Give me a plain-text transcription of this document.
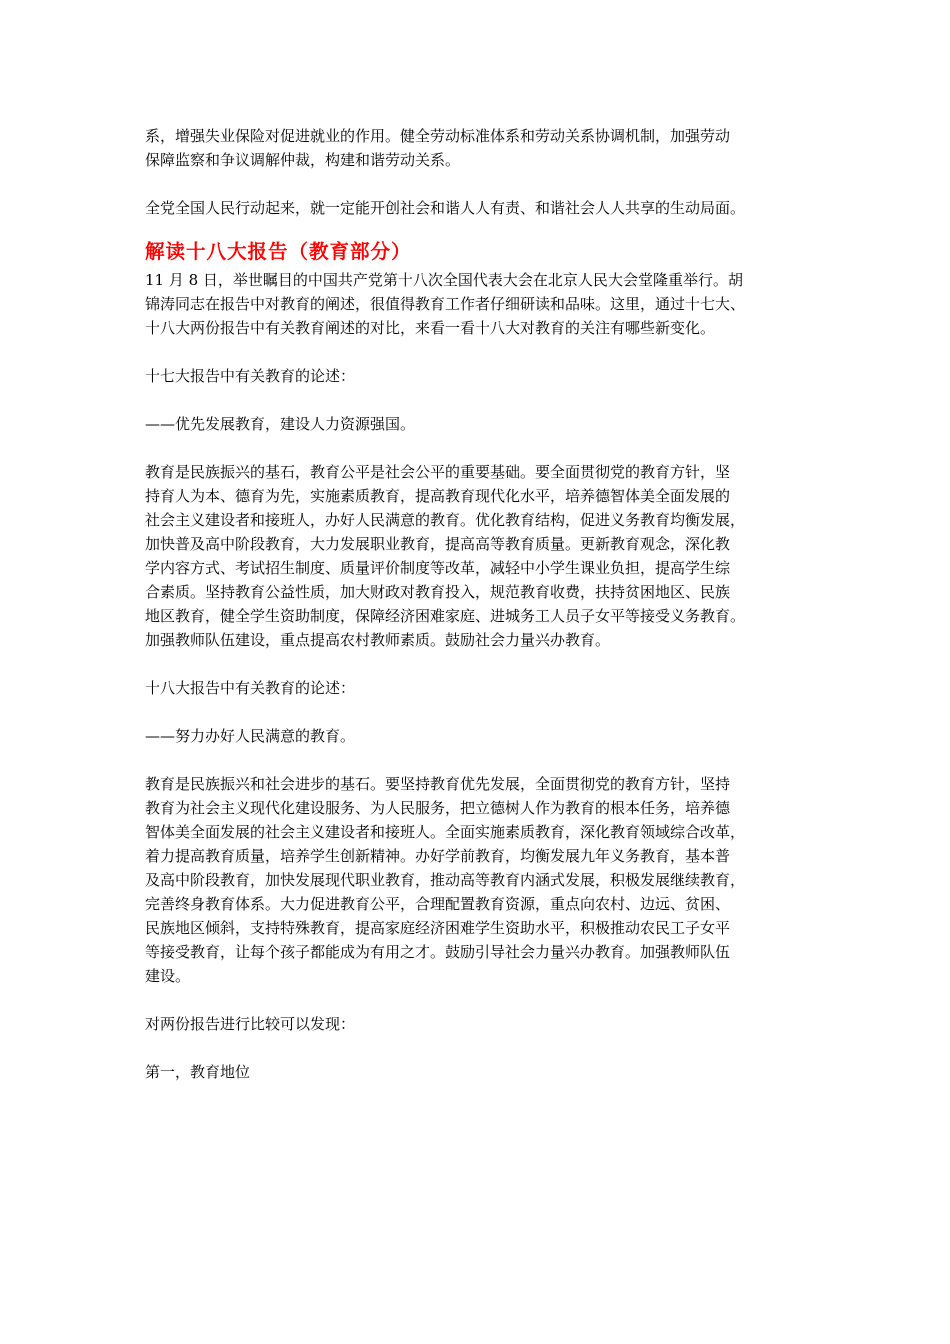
系，增强失业保险对促进就业的作用。健全劳动标准体系和劳动关系协调机制，加强劳动
保障监察和争议调解仲裁，构建和谐劳动关系。

全党全国人民行动起来，就一定能开创社会和谐人人有责、和谐社会人人共享的生动局面。

解读十八大报告（教育部分）

11 月 8 日，举世瞩目的中国共产党第十八次全国代表大会在北京人民大会堂隆重举行。胡
锦涛同志在报告中对教育的阐述，很值得教育工作者仔细研读和品味。这里，通过十七大、
十八大两份报告中有关教育阐述的对比，来看一看十八大对教育的关注有哪些新变化。

十七大报告中有关教育的论述：

——优先发展教育，建设人力资源强国。

教育是民族振兴的基石，教育公平是社会公平的重要基础。要全面贯彻党的教育方针，坚
持育人为本、德育为先，实施素质教育，提高教育现代化水平，培养德智体美全面发展的
社会主义建设者和接班人，办好人民满意的教育。优化教育结构，促进义务教育均衡发展，
加快普及高中阶段教育，大力发展职业教育，提高高等教育质量。更新教育观念，深化教
学内容方式、考试招生制度、质量评价制度等改革，减轻中小学生课业负担，提高学生综
合素质。坚持教育公益性质，加大财政对教育投入，规范教育收费，扶持贫困地区、民族
地区教育，健全学生资助制度，保障经济困难家庭、进城务工人员子女平等接受义务教育。
加强教师队伍建设，重点提高农村教师素质。鼓励社会力量兴办教育。

十八大报告中有关教育的论述：

——努力办好人民满意的教育。

教育是民族振兴和社会进步的基石。要坚持教育优先发展，全面贯彻党的教育方针，坚持
教育为社会主义现代化建设服务、为人民服务，把立德树人作为教育的根本任务，培养德
智体美全面发展的社会主义建设者和接班人。全面实施素质教育，深化教育领域综合改革，
着力提高教育质量，培养学生创新精神。办好学前教育，均衡发展九年义务教育，基本普
及高中阶段教育，加快发展现代职业教育，推动高等教育内涵式发展，积极发展继续教育，
完善终身教育体系。大力促进教育公平，合理配置教育资源，重点向农村、边远、贫困、
民族地区倾斜，支持特殊教育，提高家庭经济困难学生资助水平，积极推动农民工子女平
等接受教育，让每个孩子都能成为有用之才。鼓励引导社会力量兴办教育。加强教师队伍
建设。

对两份报告进行比较可以发现：

第一，教育地位
